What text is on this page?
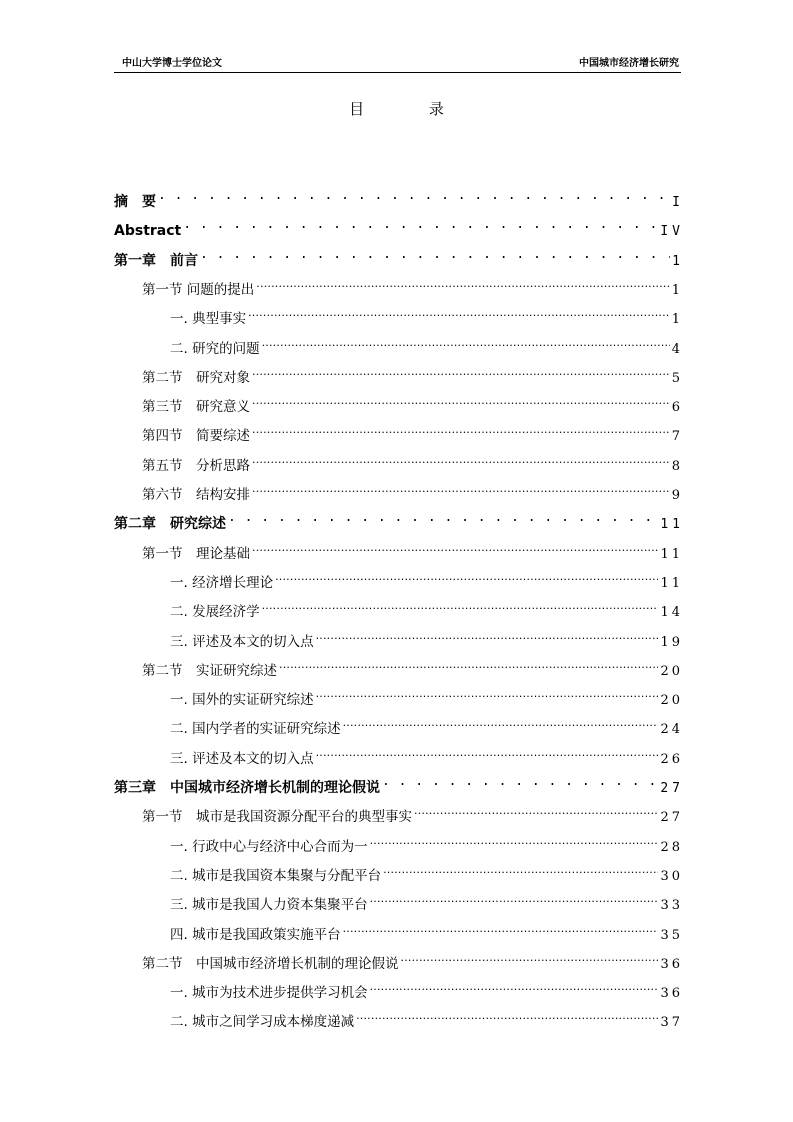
中山大学博士学位论文	中国城市经济增长研究
目 录
摘　要 . . .	I
Abstract . . .	IV
第一章　前言 . . .	1
第一节 问题的提出 .....	1
一. 典型事实 .....	1
二. 研究的问题 .....	4
第二节　研究对象 .....	5
第三节　研究意义 .....	6
第四节　简要综述 .....	7
第五节　分析思路 .....	8
第六节　结构安排 .....	9
第二章　研究综述 . . .	11
第一节　理论基础 .....	11
一. 经济增长理论 .....	11
二. 发展经济学 .....	14
三. 评述及本文的切入点 .....	19
第二节　实证研究综述 .....	20
一. 国外的实证研究综述 .....	20
二. 国内学者的实证研究综述 .....	24
三. 评述及本文的切入点 .....	26
第三章　中国城市经济增长机制的理论假说 . . .	27
第一节　城市是我国资源分配平台的典型事实 .....	27
一. 行政中心与经济中心合而为一 .....	28
二. 城市是我国资本集聚与分配平台 .....	30
三. 城市是我国人力资本集聚平台 .....	33
四. 城市是我国政策实施平台 .....	35
第二节　中国城市经济增长机制的理论假说 .....	36
一. 城市为技术进步提供学习机会 .....	36
二. 城市之间学习成本梯度递减 .....	37
